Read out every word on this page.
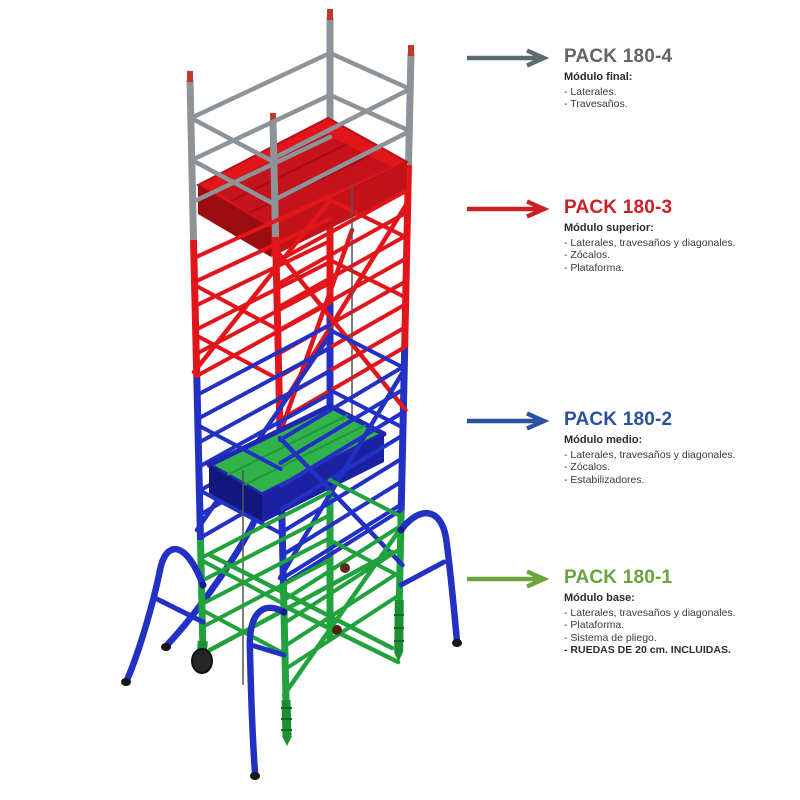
PACK 180-4
Módulo final:
- Laterales.
- Travesaños.
PACK 180-3
Módulo superior:
- Laterales, travesaños y diagonales.
- Zócalos.
- Plataforma.
PACK 180-2
Módulo medio:
- Laterales, travesaños y diagonales.
- Zócalos.
- Estabilizadores.
PACK 180-1
Módulo base:
- Laterales, travesaños y diagonales.
- Plataforma.
- Sistema de pliego.
- RUEDAS DE 20 cm. INCLUIDAS.
